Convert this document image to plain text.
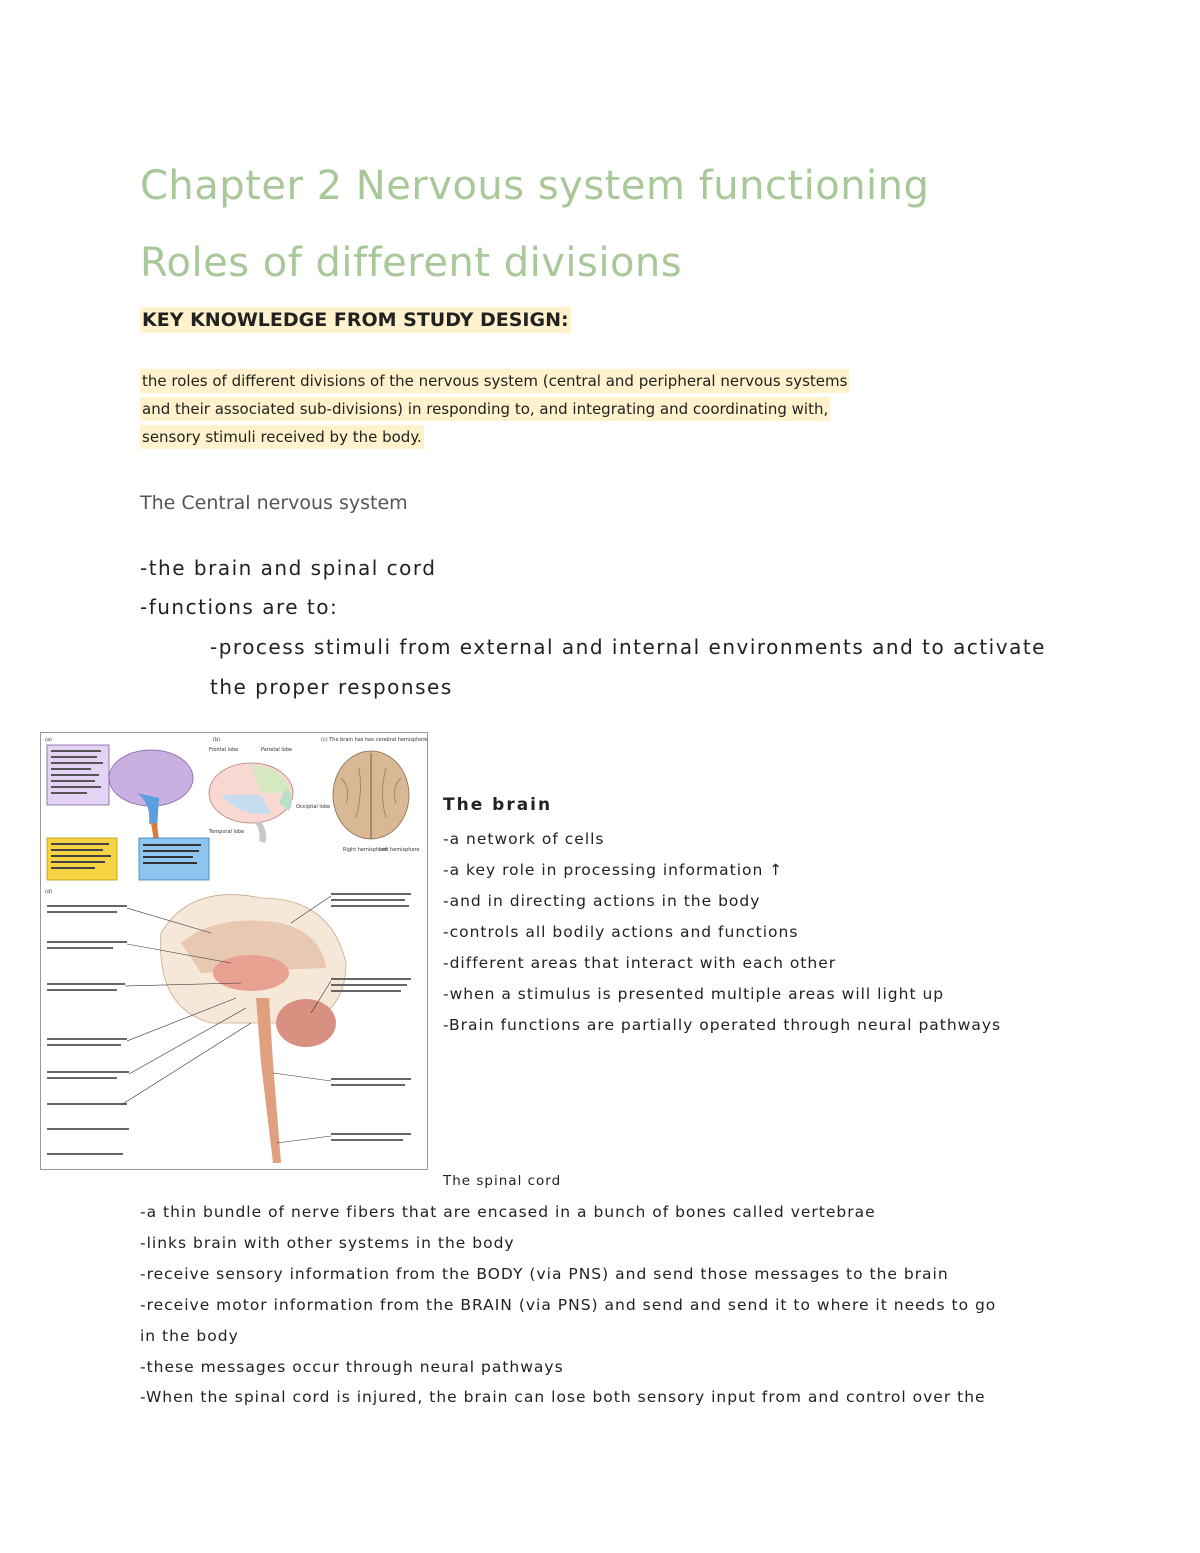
Chapter 2 Nervous system functioning
Roles of different divisions
KEY KNOWLEDGE FROM STUDY DESIGN:
the roles of different divisions of the nervous system (central and peripheral nervous systems
and their associated sub-divisions) in responding to, and integrating and coordinating with,
sensory stimuli received by the body.
The Central nervous system
-the brain and spinal cord
-functions are to:
-process stimuli from external and internal environments and to activate
the proper responses
(a)	(b)
Frontal lobe	Parietal lobe
Occipital lobe
Temporal lobe
(c) The brain has two cerebral hemispheres
Right hemisphere
Left hemisphere
(d)
The brain
-a network of cells
-a key role in processing information ↑
-and in directing actions in the body
-controls all bodily actions and functions
-different areas that interact with each other
-when a stimulus is presented multiple areas will light up
-Brain functions are partially operated through neural pathways
The spinal cord
-a thin bundle of nerve fibers that are encased in a bunch of bones called vertebrae
-links brain with other systems in the body
-receive sensory information from the BODY (via PNS) and send those messages to the brain
-receive motor information from the BRAIN (via PNS) and send and send it to where it needs to go
in the body
-these messages occur through neural pathways
-When the spinal cord is injured, the brain can lose both sensory input from and control over the
